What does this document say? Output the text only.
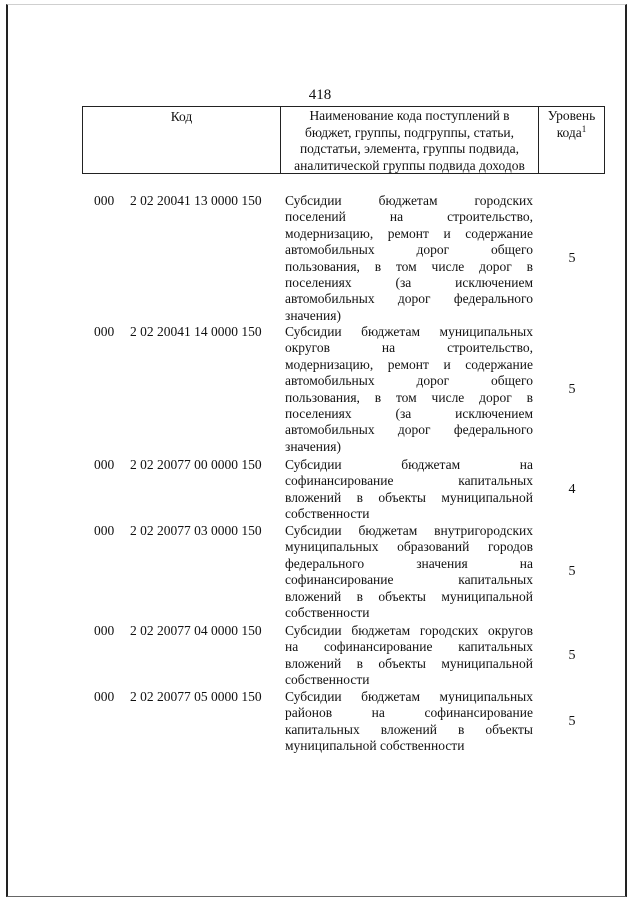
418
Код	Наименование кода поступлений в
бюджет, группы, подгруппы, статьи,
подстатьи, элемента, группы подвида,
аналитической группы подвида доходов
Уровень
кода$^1$
000 2 02 20041 13 0000 150 Субсидии бюджетам городских
поселений на строительство,
модернизацию, ремонт и содержание
автомобильных дорог общего
пользования, в том числе дорог в
поселениях (за исключением
автомобильных дорог федерального
значения)
5
000 2 02 20041 14 0000 150 Субсидии бюджетам муниципальных
округов на строительство,
модернизацию, ремонт и содержание
автомобильных дорог общего
пользования, в том числе дорог в
поселениях (за исключением
автомобильных дорог федерального
значения)
5
000 2 02 20077 00 0000 150 Субсидии бюджетам на
софинансирование капитальных
вложений в объекты муниципальной
собственности
4
000 2 02 20077 03 0000 150 Субсидии бюджетам внутригородских
муниципальных образований городов
федерального значения на
софинансирование капитальных
вложений в объекты муниципальной
собственности
5
000 2 02 20077 04 0000 150 Субсидии бюджетам городских округов
на софинансирование капитальных
вложений в объекты муниципальной
собственности
5
000 2 02 20077 05 0000 150 Субсидии бюджетам муниципальных
районов на софинансирование
капитальных вложений в объекты
муниципальной собственности
5
